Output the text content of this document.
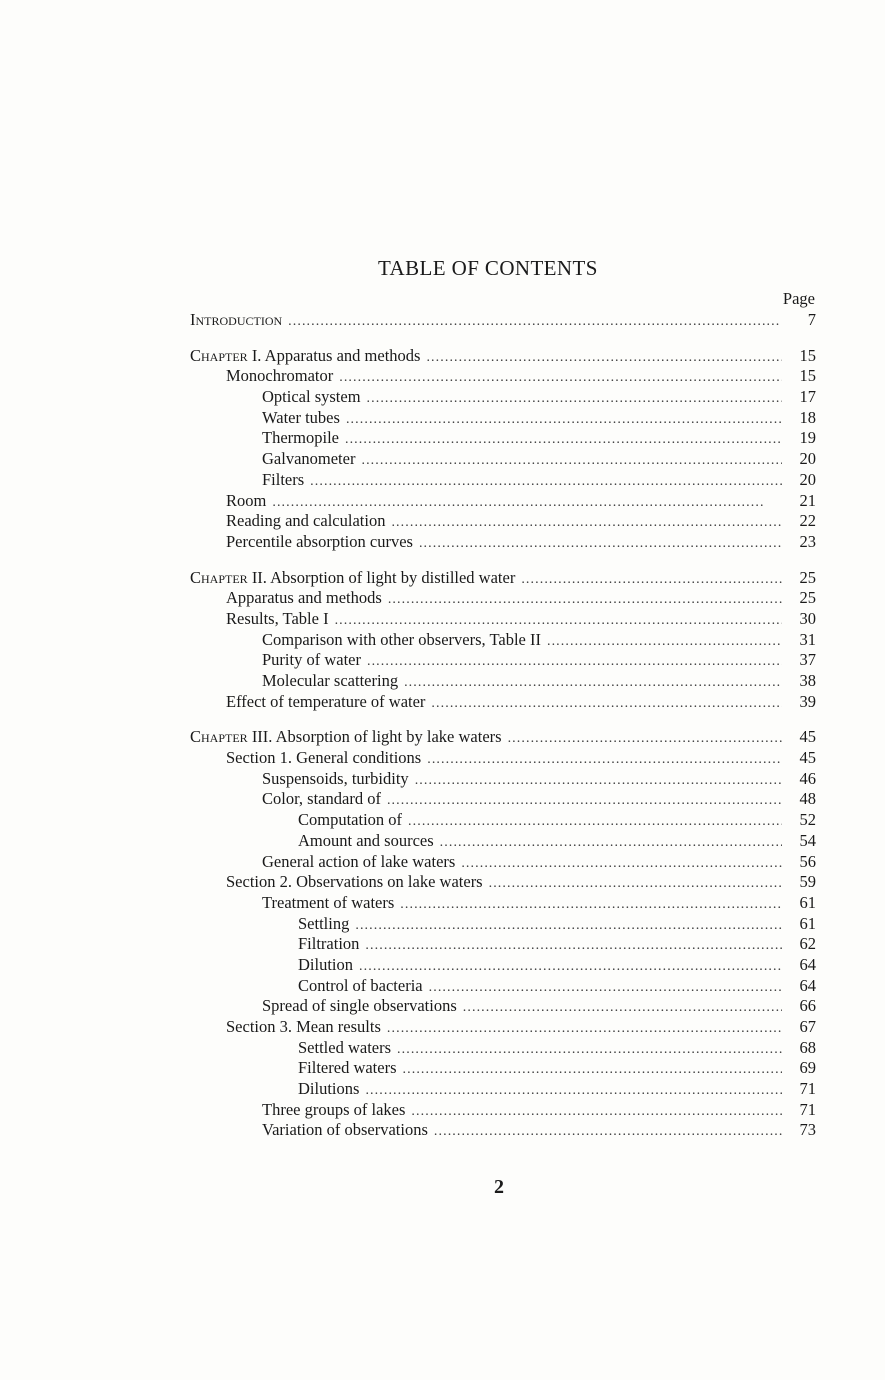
TABLE OF CONTENTS
Page
Introduction . . .	7
Chapter I. Apparatus and methods . . .	15
Monochromator . . .	15
Optical system . . .	17
Water tubes . . .	18
Thermopile . . .	19
Galvanometer . . .	20
Filters . . .	20
Room . . .	21
Reading and calculation . . .	22
Percentile absorption curves . . .	23
Chapter II. Absorption of light by distilled water . . .	25
Apparatus and methods . . .	25
Results, Table I . . .	30
Comparison with other observers, Table II . . .	31
Purity of water . . .	37
Molecular scattering . . .	38
Effect of temperature of water . . .	39
Chapter III. Absorption of light by lake waters . . .	45
Section 1. General conditions . . .	45
Suspensoids, turbidity . . .	46
Color, standard of . . .	48
Computation of . . .	52
Amount and sources . . .	54
General action of lake waters . . .	56
Section 2. Observations on lake waters . . .	59
Treatment of waters . . .	61
Settling . . .	61
Filtration . . .	62
Dilution . . .	64
Control of bacteria . . .	64
Spread of single observations . . .	66
Section 3. Mean results . . .	67
Settled waters . . .	68
Filtered waters . . .	69
Dilutions . . .	71
Three groups of lakes . . .	71
Variation of observations . . .	73
2
